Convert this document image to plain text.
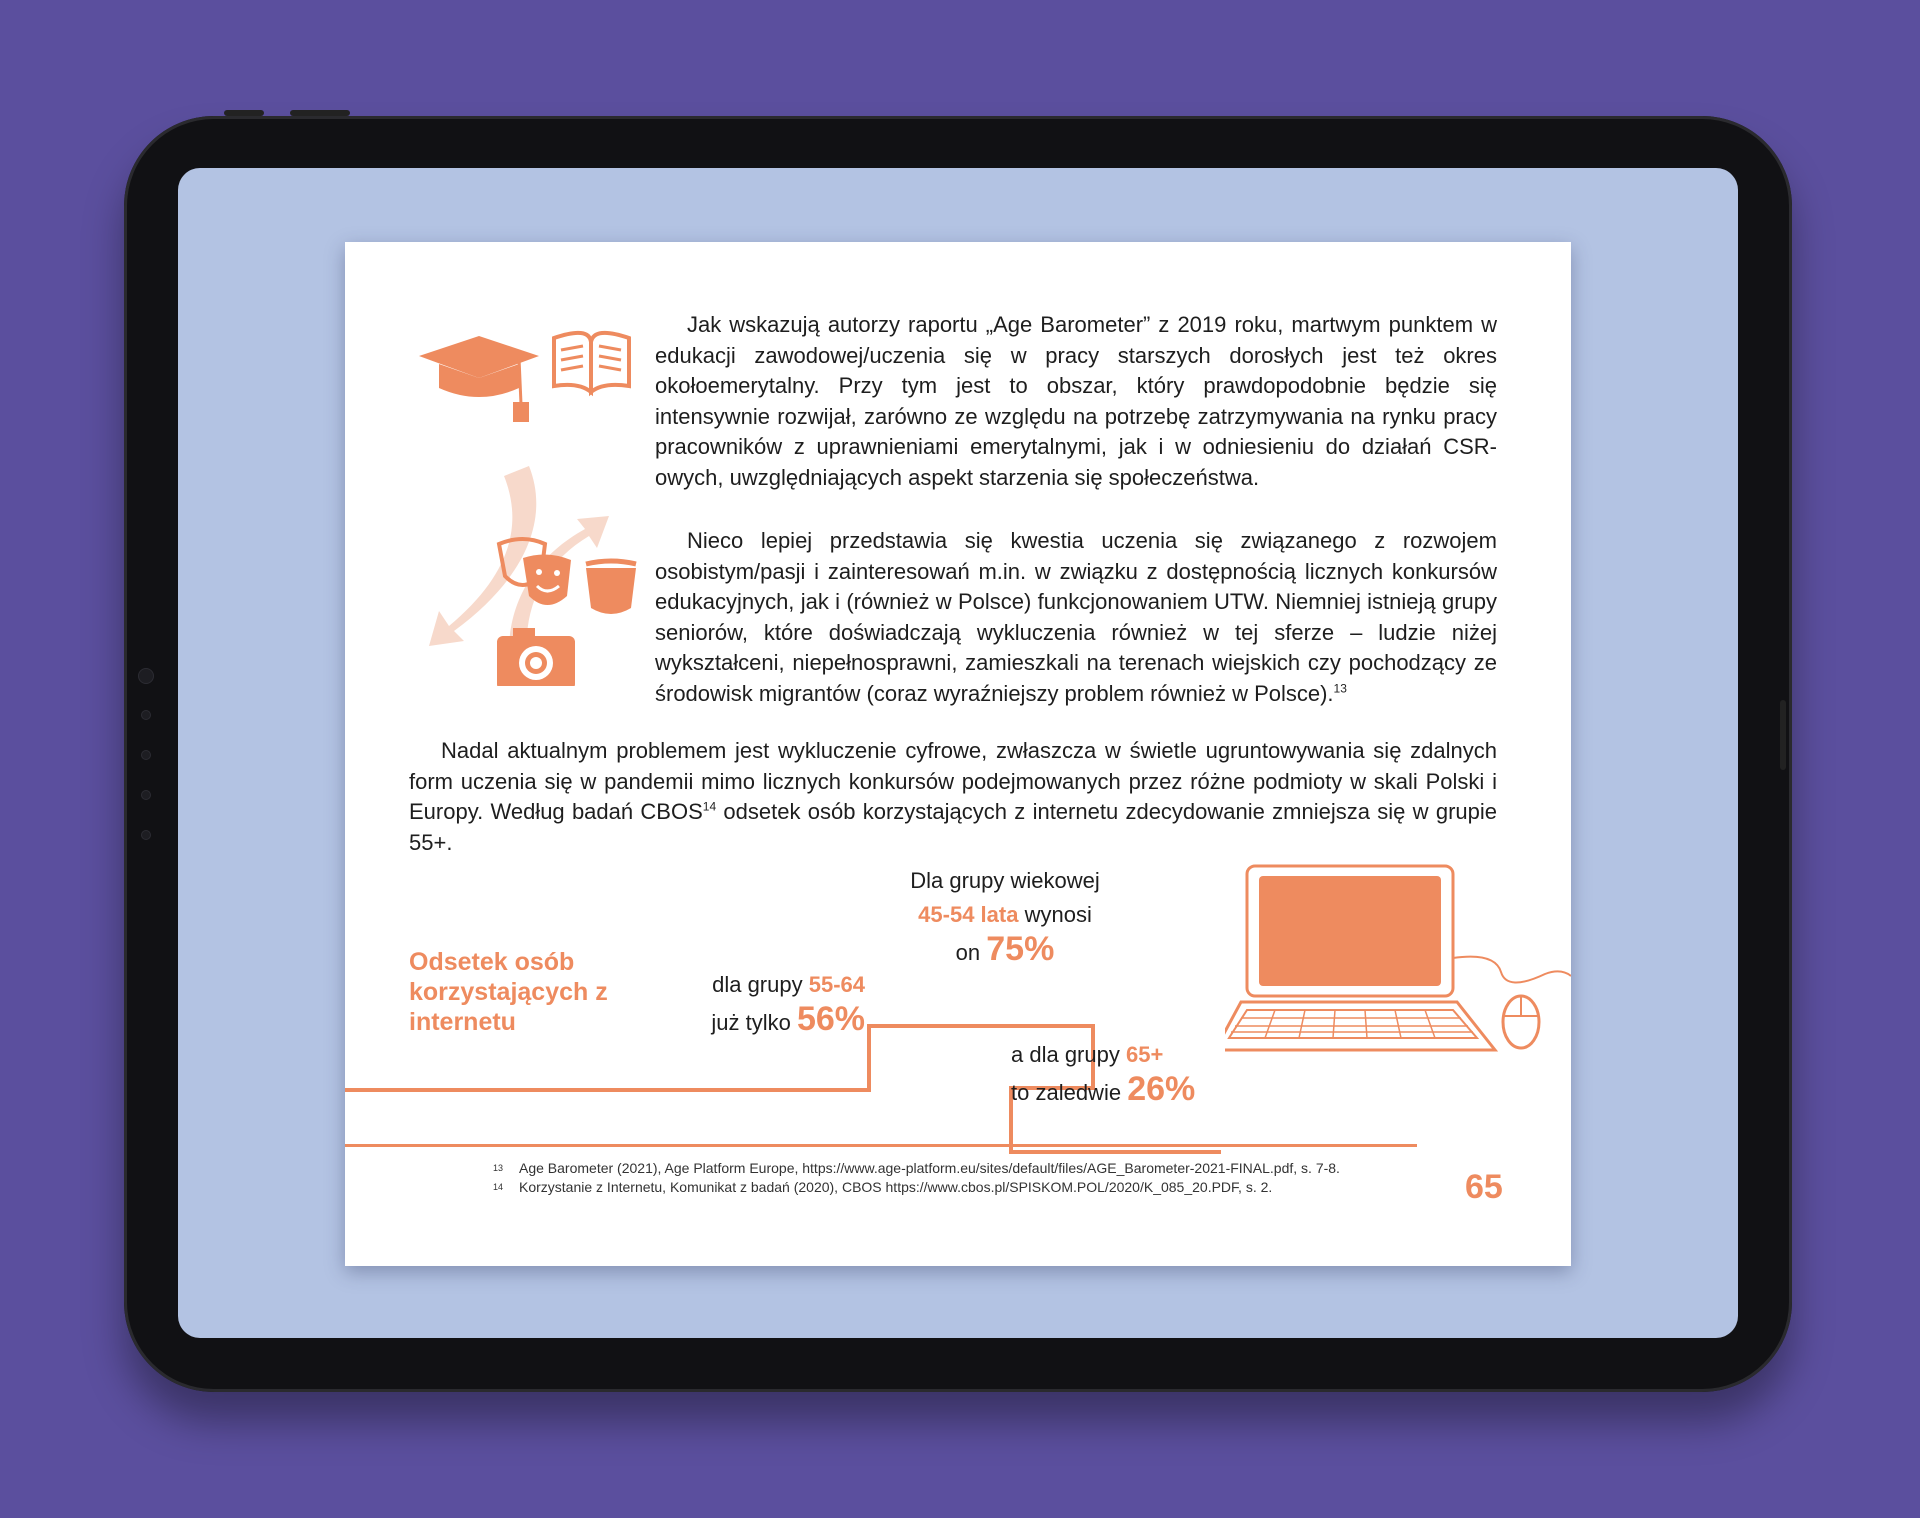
Jak wskazują autorzy raportu „Age Barometer” z 2019 roku, martwym punktem w edukacji zawodowej/uczenia się w pracy starszych dorosłych jest też okres okołoemerytalny. Przy tym jest to obszar, który prawdopodobnie będzie się intensywnie rozwijał, zarówno ze względu na potrzebę zatrzymywania na rynku pracy pracowników z uprawnieniami emerytalnymi, jak i w odniesieniu do działań CSR-owych, uwzględniających aspekt starzenia się społeczeństwa.

Nieco lepiej przedstawia się kwestia uczenia się związanego z rozwojem osobistym/pasji i zainteresowań m.in. w związku z dostępnością licznych konkursów edukacyjnych, jak i (również w Polsce) funkcjonowaniem UTW. Niemniej istnieją grupy seniorów, które doświadczają wykluczenia również w tej sferze – ludzie niżej wykształceni, niepełnosprawni, zamieszkali na terenach wiejskich czy pochodzący ze środowisk migrantów (coraz wyraźniejszy problem również w Polsce).$^{13}$

Nadal aktualnym problemem jest wykluczenie cyfrowe, zwłaszcza w świetle ugruntowywania się zdalnych form uczenia się w pandemii mimo licznych konkursów podejmowanych przez różne podmioty w skali Polski i Europy. Według badań CBOS$^{14}$ odsetek osób korzystających z internetu zdecydowanie zmniejsza się w grupie 55+.

Odsetek osób korzystających z internetu
Dla grupy wiekowej
45-54 lata wynosi
on 75%
dla grupy 55-64
już tylko 56%
a dla grupy 65+
to zaledwie 26%
13 Age Barometer (2021), Age Platform Europe, https://www.age-platform.eu/sites/default/files/AGE_Barometer-2021-FINAL.pdf, s. 7-8.
14 Korzystanie z Internetu, Komunikat z badań (2020), CBOS https://www.cbos.pl/SPISKOM.POL/2020/K_085_20.PDF, s. 2.	65
